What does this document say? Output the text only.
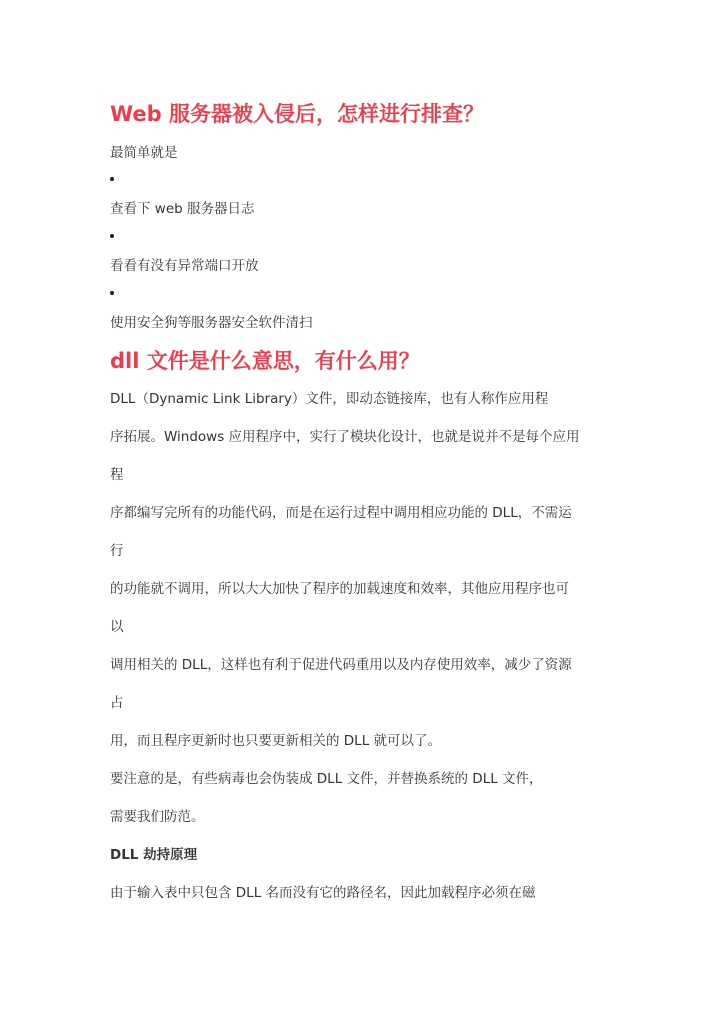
Web 服务器被入侵后，怎样进行排查？
最简单就是
查看下 web 服务器日志
看看有没有异常端口开放
使用安全狗等服务器安全软件清扫
dll 文件是什么意思，有什么用？
DLL（Dynamic Link Library）文件，即动态链接库，也有人称作应用程
序拓展。Windows 应用程序中，实行了模块化设计，也就是说并不是每个应用
程
序都编写完所有的功能代码，而是在运行过程中调用相应功能的 DLL，不需运
行
的功能就不调用，所以大大加快了程序的加载速度和效率，其他应用程序也可
以
调用相关的 DLL，这样也有利于促进代码重用以及内存使用效率，减少了资源
占
用，而且程序更新时也只要更新相关的 DLL 就可以了。
要注意的是，有些病毒也会伪装成 DLL 文件，并替换系统的 DLL 文件，
需要我们防范。
DLL 劫持原理
由于输入表中只包含 DLL 名而没有它的路径名，因此加载程序必须在磁
